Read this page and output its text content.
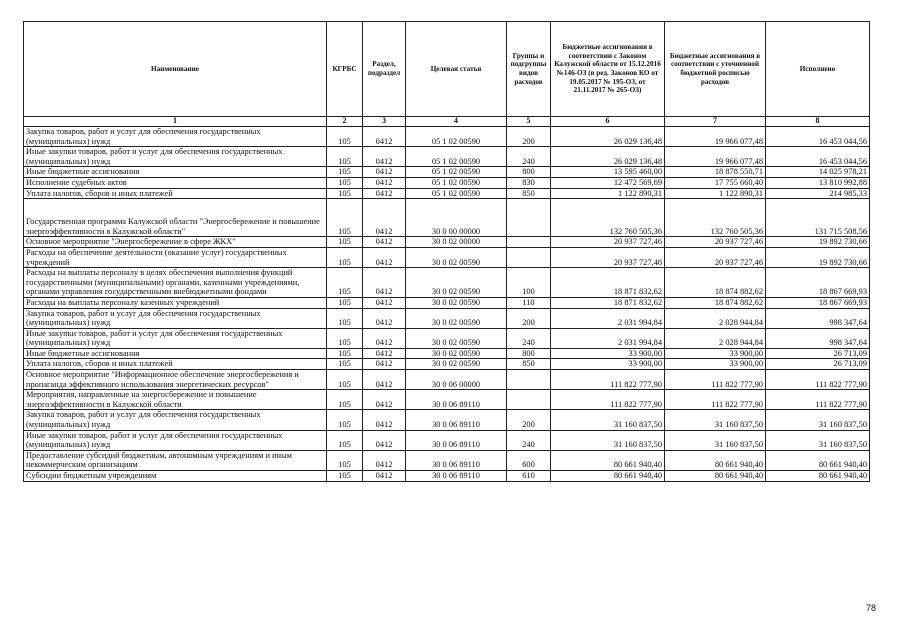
Наименование	КГРБС	Раздел, подраздел	Целевая статья	Группы и подгруппы видов расходов	Бюджетные ассигнования в соответствии с Законом Калужской области от 15.12.2016 №146-ОЗ (в ред. Законов КО от 19.05.2017 № 195-ОЗ, от 21.11.2017 № 265-ОЗ)	Бюджетные ассигнования в соответствии с уточненной бюджетной росписью расходов	Исполнено
1	2	3	4	5	6	7	8
Закупка товаров, работ и услуг для обеспечения государственных (муниципальных) нужд	105	0412	05 1 02 00590	200	26 029 136,48	19 966 077,48	16 453 044,56
Иные закупки товаров, работ и услуг для обеспечения государственных (муниципальных) нужд	105	0412	05 1 02 00590	240	26 029 136,48	19 966 077,48	16 453 044,56
Иные бюджетные ассигнования	105	0412	05 1 02 00590	800	13 595 460,00	18 878 550,71	14 025 978,21
Исполнение судебных актов	105	0412	05 1 02 00590	830	12 472 569,69	17 755 660,40	13 810 992,88
Уплата налогов, сборов и иных платежей	105	0412	05 1 02 00590	850	1 122 890,31	1 122 890,31	214 985,33
Государственная программа Калужской области "Энергосбережение и повышение энергоэффективности в Калужской области"	105	0412	30 0 00 00000		132 760 505,36	132 760 505,36	131 715 508,56
Основное мероприятие "Энергосбережение в сфере ЖКХ"	105	0412	30 0 02 00000		20 937 727,46	20 937 727,46	19 892 730,66
Расходы на обеспечение деятельности (оказание услуг) государственных учреждений	105	0412	30 0 02 00590		20 937 727,46	20 937 727,46	19 892 730,66
Расходы на выплаты персоналу в целях обеспечения выполнения функций государственными (муниципальными) органами, казенными учреждениями, органами управления государственными внебюджетными фондами	105	0412	30 0 02 00590	100	18 871 832,62	18 874 882,62	18 867 669,93
Расходы на выплаты персоналу казенных учреждений	105	0412	30 0 02 00590	110	18 871 832,62	18 874 882,62	18 867 669,93
Закупка товаров, работ и услуг для обеспечения государственных (муниципальных) нужд	105	0412	30 0 02 00590	200	2 031 994,84	2 028 944,84	998 347,64
Иные закупки товаров, работ и услуг для обеспечения государственных (муниципальных) нужд	105	0412	30 0 02 00590	240	2 031 994,84	2 028 944,84	998 347,64
Иные бюджетные ассигнования	105	0412	30 0 02 00590	800	33 900,00	33 900,00	26 713,09
Уплата налогов, сборов и иных платежей	105	0412	30 0 02 00590	850	33 900,00	33 900,00	26 713,09
Основное мероприятие "Информационное обеспечение энергосбережения и пропаганда эффективного использования энергетических ресурсов"	105	0412	30 0 06 00000		111 822 777,90	111 822 777,90	111 822 777,90
Мероприятия, направленные на энергосбережение и повышение энергоэффективности в Калужской области	105	0412	30 0 06 89110		111 822 777,90	111 822 777,90	111 822 777,90
Закупка товаров, работ и услуг для обеспечения государственных (муниципальных) нужд	105	0412	30 0 06 89110	200	31 160 837,50	31 160 837,50	31 160 837,50
Иные закупки товаров, работ и услуг для обеспечения государственных (муниципальных) нужд	105	0412	30 0 06 89110	240	31 160 837,50	31 160 837,50	31 160 837,50
Предоставление субсидий бюджетным, автономным учреждениям и иным некоммерческим организациям	105	0412	30 0 06 89110	600	80 661 940,40	80 661 940,40	80 661 940,40
Субсидии бюджетным учреждениям	105	0412	30 0 06 89110	610	80 661 940,40	80 661 940,40	80 661 940,40
78
